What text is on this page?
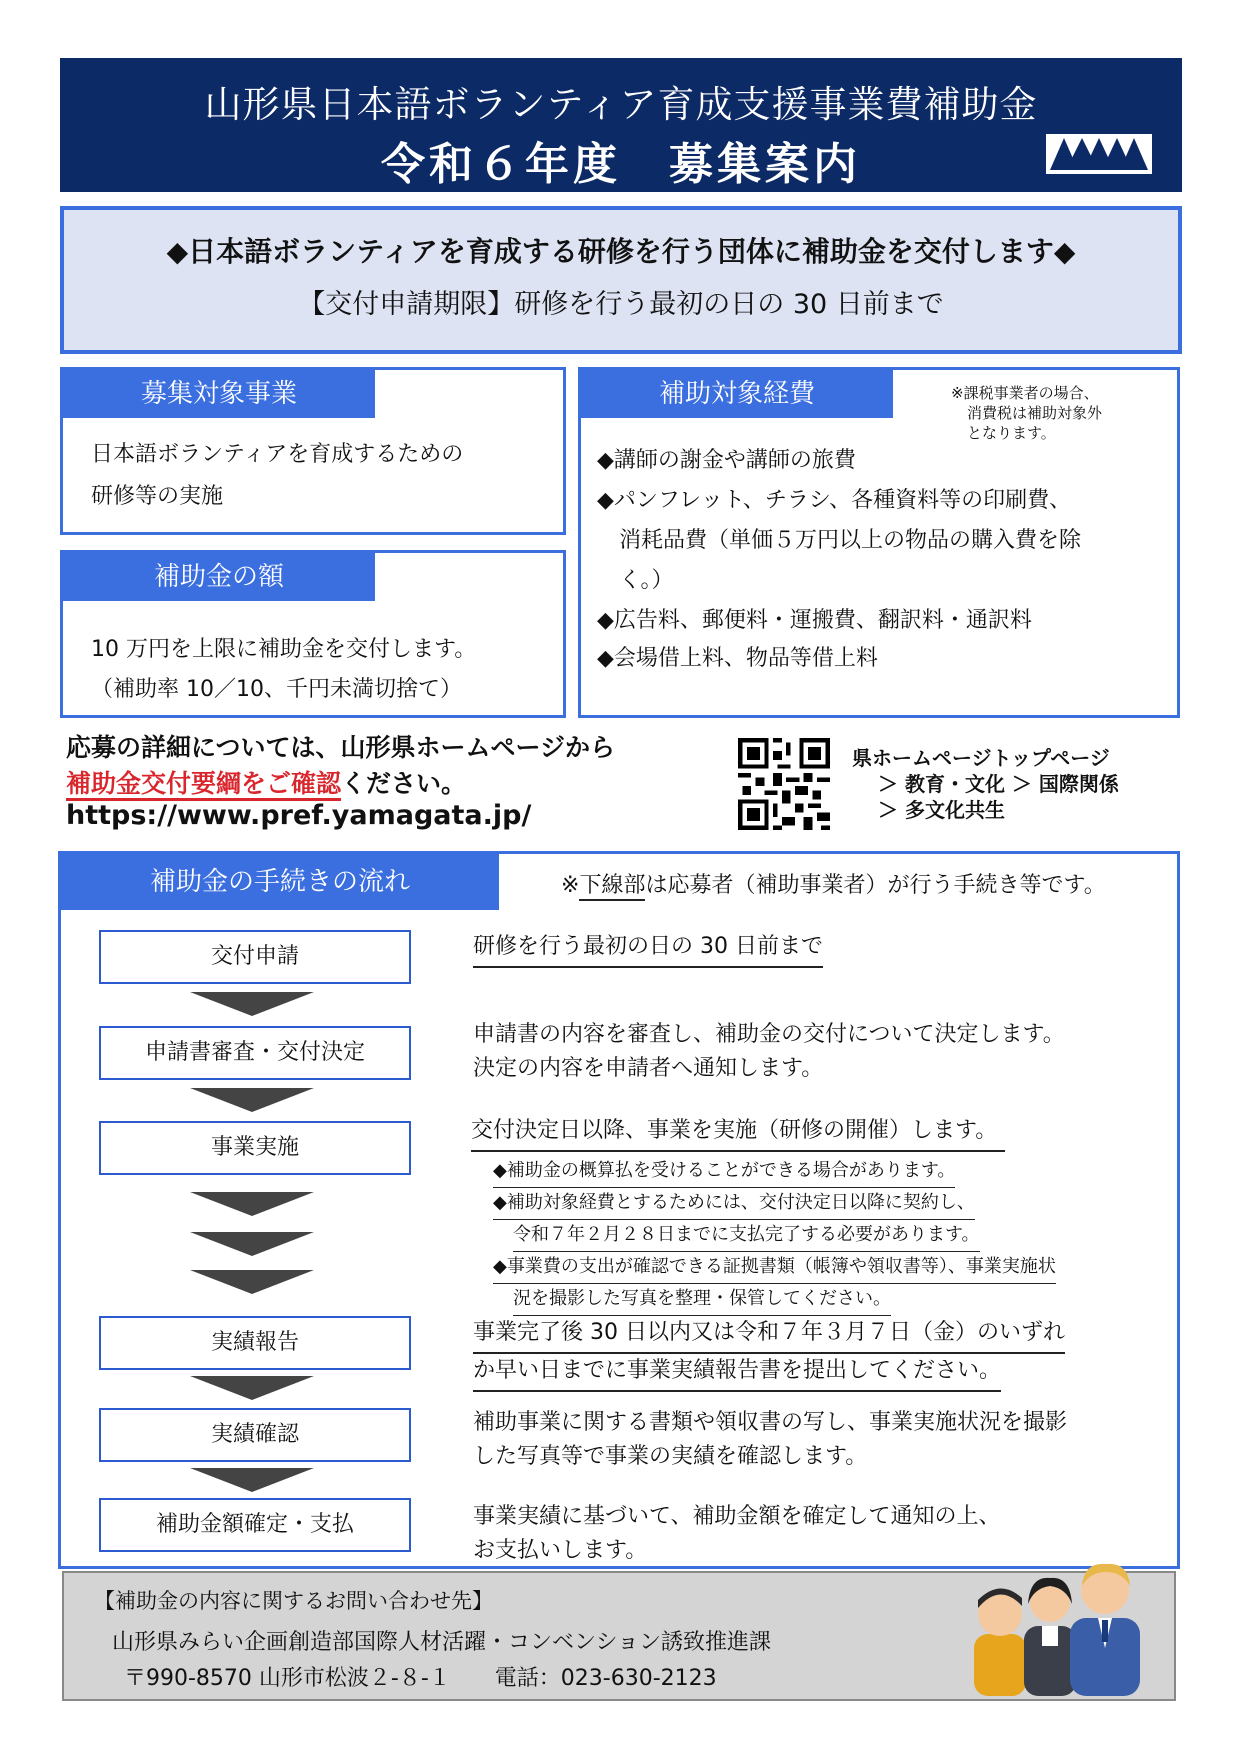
山形県日本語ボランティア育成支援事業費補助金
令和６年度　募集案内
◆日本語ボランティアを育成する研修を行う団体に補助金を交付します◆
【交付申請期限】研修を行う最初の日の 30 日前まで
募集対象事業
日本語ボランティアを育成するための
研修等の実施
補助金の額
10 万円を上限に補助金を交付します。
（補助率 10／10、千円未満切捨て）
補助対象経費	※課税事業者の場合、
消費税は補助対象外
となります。
◆講師の謝金や講師の旅費
◆パンフレット、チラシ、各種資料等の印刷費、
消耗品費（単価５万円以上の物品の購入費を除
く。）
◆広告料、郵便料・運搬費、翻訳料・通訳料
◆会場借上料、物品等借上料
応募の詳細については、山形県ホームページから
補助金交付要綱をご確認ください。
https://www.pref.yamagata.jp/
県ホームページトップページ
＞ 教育・文化 ＞ 国際関係
＞ 多文化共生
補助金の手続きの流れ	※下線部は応募者（補助事業者）が行う手続き等です。
交付申請
申請書審査・交付決定
事業実施
実績報告
実績確認
補助金額確定・支払
研修を行う最初の日の 30 日前まで
申請書の内容を審査し、補助金の交付について決定します。
決定の内容を申請者へ通知します。
交付決定日以降、事業を実施（研修の開催）します。
◆補助金の概算払を受けることができる場合があります。
◆補助対象経費とするためには、交付決定日以降に契約し、
令和７年２月２８日までに支払完了する必要があります。
◆事業費の支出が確認できる証拠書類（帳簿や領収書等）、事業実施状
況を撮影した写真を整理・保管してください。
事業完了後 30 日以内又は令和７年３月７日（金）のいずれ
か早い日までに事業実績報告書を提出してください。
補助事業に関する書類や領収書の写し、事業実施状況を撮影
した写真等で事業の実績を確認します。
事業実績に基づいて、補助金額を確定して通知の上、
お支払いします。
【補助金の内容に関するお問い合わせ先】
山形県みらい企画創造部国際人材活躍・コンベンション誘致推進課
〒990-8570 山形市松波２-８-１　　電話：023-630-2123
